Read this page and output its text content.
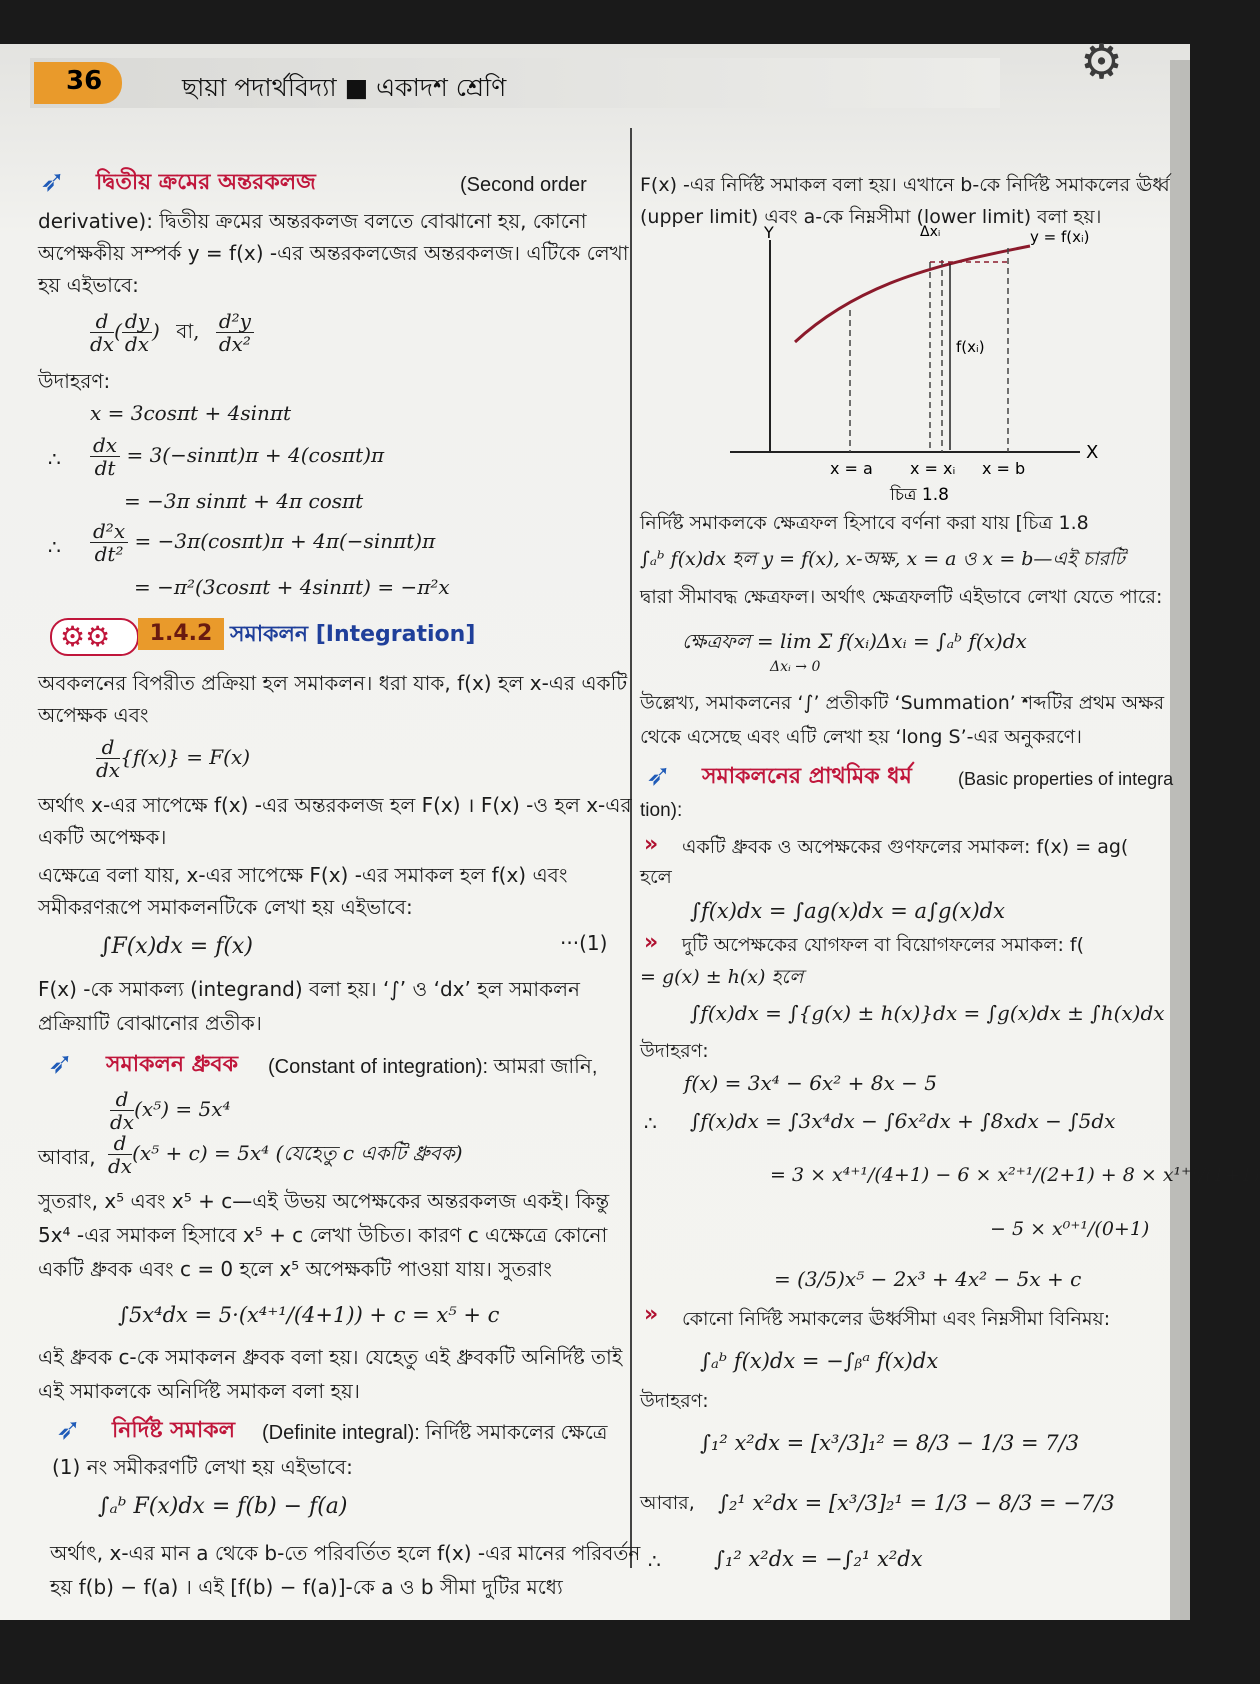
36	ছায়া পদার্থবিদ্যা ■ একাদশ শ্রেণি	⚙
➶ দ্বিতীয় ক্রমের অন্তরকলজ	(Second order
derivative): দ্বিতীয় ক্রমের অন্তরকলজ বলতে বোঝানো হয়, কোনো
অপেক্ষকীয় সম্পর্ক y = f(x) -এর অন্তরকলজের অন্তরকলজ। এটিকে লেখা
হয় এইভাবে:
$\frac{d}{dx}$ ( $\frac{dy}{dx}$ ) বা, $\frac{\text{d²y}}{\text{dx²}}$
উদাহরণ:
x = 3cosπt + 4sinπt
∴ $\frac{dx}{dt} = 3(-\sin\pi t)\pi + 4(\cos\pi t)\pi$
= −3π sinπt + 4π cosπt
∴ $\frac{\text{d²x}}{\text{dt²}} = -3\pi(\cos\pi t)\pi + 4\pi(-\sin\pi t)\pi$
= −π²(3cosπt + 4sinπt) = −π²x
⚙⚙	1.4.2 সমাকলন [Integration]
অবকলনের বিপরীত প্রক্রিয়া হল সমাকলন। ধরা যাক, f(x) হল x-এর একটি
অপেক্ষক এবং
$\frac{d}{dx} \{f(x)\} = F(x)$
অর্থাৎ x-এর সাপেক্ষে f(x) -এর অন্তরকলজ হল F(x) । F(x) -ও হল x-এর
একটি অপেক্ষক।
এক্ষেত্রে বলা যায়, x-এর সাপেক্ষে F(x) -এর সমাকল হল f(x) এবং
সমীকরণরূপে সমাকলনটিকে লেখা হয় এইভাবে:
∫F(x)dx = f(x)	···(1)
F(x) -কে সমাকল্য (integrand) বলা হয়। ‘∫’ ও ‘dx’ হল সমাকলন
প্রক্রিয়াটি বোঝানোর প্রতীক।
➶ সমাকলন ধ্রুবক (Constant of integration): আমরা জানি,
$\frac{d}{dx} (x^5) = 5x^4$
আবার, $\frac{d}{dx} (x^5 + c) = 5x^4$ (যেহেতু c একটি ধ্রুবক)
সুতরাং, x⁵ এবং x⁵ + c—এই উভয় অপেক্ষকের অন্তরকলজ একই। কিন্তু
5x⁴ -এর সমাকল হিসাবে x⁵ + c লেখা উচিত। কারণ c এক্ষেত্রে কোনো
একটি ধ্রুবক এবং c = 0 হলে x⁵ অপেক্ষকটি পাওয়া যায়। সুতরাং
∫5x⁴dx = 5·(x⁴⁺¹/(4+1)) + c = x⁵ + c
এই ধ্রুবক c-কে সমাকলন ধ্রুবক বলা হয়। যেহেতু এই ধ্রুবকটি অনির্দিষ্ট তাই
এই সমাকলকে অনির্দিষ্ট সমাকল বলা হয়।
➶ নির্দিষ্ট সমাকল (Definite integral): নির্দিষ্ট সমাকলের ক্ষেত্রে
(1) নং সমীকরণটি লেখা হয় এইভাবে:
∫ₐᵇ F(x)dx = f(b) − f(a)
অর্থাৎ, x-এর মান a থেকে b-তে পরিবর্তিত হলে f(x) -এর মানের পরিবর্তন
হয় f(b) − f(a) । এই [f(b) − f(a)]-কে a ও b সীমা দুটির মধ্যে
F(x) -এর নির্দিষ্ট সমাকল বলা হয়। এখানে b-কে নির্দিষ্ট সমাকলের ঊর্ধ্ব
(upper limit) এবং a-কে নিম্নসীমা (lower limit) বলা হয়।
Y
X
y = f(xᵢ)
Δxᵢ
f(xᵢ)
x = a x = xᵢ x = b
চিত্র 1.8
নির্দিষ্ট সমাকলকে ক্ষেত্রফল হিসাবে বর্ণনা করা যায় [চিত্র 1.8
∫ₐᵇ f(x)dx হল y = f(x), x-অক্ষ, x = a ও x = b—এই চারটি
দ্বারা সীমাবদ্ধ ক্ষেত্রফল। অর্থাৎ ক্ষেত্রফলটি এইভাবে লেখা যেতে পারে:
ক্ষেত্রফল = lim Σ f(xᵢ)Δxᵢ = ∫ₐᵇ f(x)dx
Δxᵢ → 0
উল্লেখ্য, সমাকলনের ‘∫’ প্রতীকটি ‘Summation’ শব্দটির প্রথম অক্ষর
থেকে এসেছে এবং এটি লেখা হয় ‘long S’-এর অনুকরণে।
➶ সমাকলনের প্রাথমিক ধর্ম	(Basic properties of integra
tion):
» একটি ধ্রুবক ও অপেক্ষকের গুণফলের সমাকল: f(x) = ag(
হলে
∫f(x)dx = ∫ag(x)dx = a∫g(x)dx
» দুটি অপেক্ষকের যোগফল বা বিয়োগফলের সমাকল: f(
= g(x) ± h(x) হলে
∫f(x)dx = ∫{g(x) ± h(x)}dx = ∫g(x)dx ± ∫h(x)dx
উদাহরণ:
f(x) = 3x⁴ − 6x² + 8x − 5
∴ ∫f(x)dx = ∫3x⁴dx − ∫6x²dx + ∫8xdx − ∫5dx
= 3 × x⁴⁺¹/(4+1) − 6 × x²⁺¹/(2+1) + 8 × x¹⁺¹/(1+1)
− 5 × x⁰⁺¹/(0+1)
= (3/5)x⁵ − 2x³ + 4x² − 5x + c
» কোনো নির্দিষ্ট সমাকলের ঊর্ধ্বসীমা এবং নিম্নসীমা বিনিময়:
∫ₐᵇ f(x)dx = −∫ᵦᵃ f(x)dx
উদাহরণ:
∫₁² x²dx = [x³/3]₁² = 8/3 − 1/3 = 7/3
আবার, ∫₂¹ x²dx = [x³/3]₂¹ = 1/3 − 8/3 = −7/3
∴	∫₁² x²dx = −∫₂¹ x²dx
